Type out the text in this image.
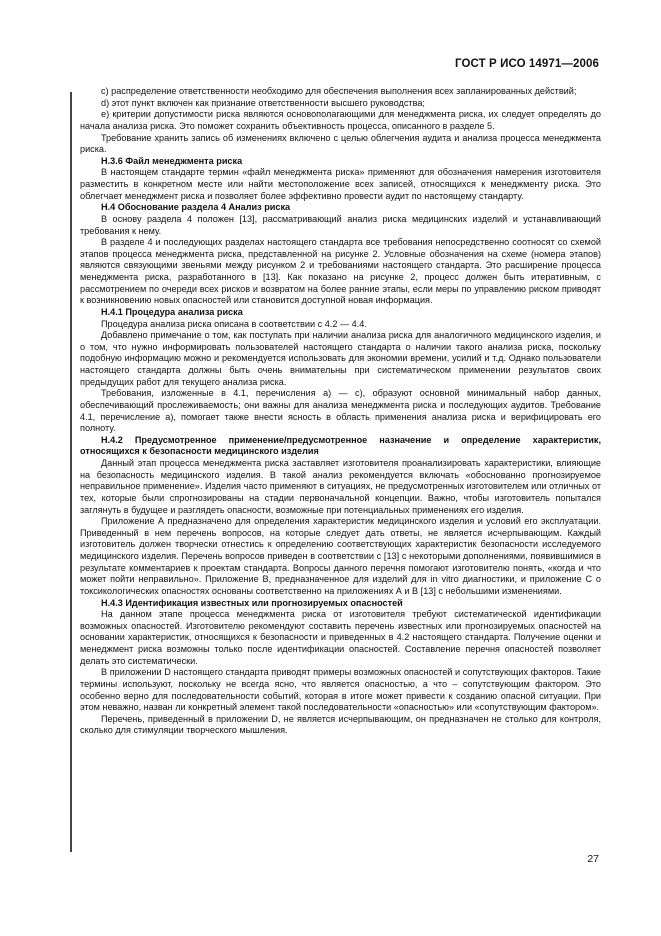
ГОСТ Р ИСО 14971—2006

c) распределение ответственности необходимо для обеспечения выполнения всех запланированных действий;

d) этот пункт включен как признание ответственности высшего руководства;

e) критерии допустимости риска являются основополагающими для менеджмента риска, их следует определять до начала анализа риска. Это поможет сохранить объективность процесса, описанного в разделе 5.

Требование хранить запись об изменениях включено с целью облегчения аудита и анализа процесса менеджмента риска.

Н.3.6 Файл менеджмента риска

В настоящем стандарте термин «файл менеджмента риска» применяют для обозначения намерения изготовителя разместить в конкретном месте или найти местоположение всех записей, относящихся к менеджменту риска. Это облегчает менеджмент риска и позволяет более эффективно провести аудит по настоящему стандарту.

Н.4 Обоснование раздела 4 Анализ риска

В основу раздела 4 положен [13], рассматривающий анализ риска медицинских изделий и устанавливающий требования к нему.

В разделе 4 и последующих разделах настоящего стандарта все требования непосредственно соотносят со схемой этапов процесса менеджмента риска, представленной на рисунке 2. Условные обозначения на схеме (номера этапов) являются связующими звеньями между рисунком 2 и требованиями настоящего стандарта. Это расширение процесса менеджмента риска, разработанного в [13]. Как показано на рисунке 2, процесс должен быть итеративным, с рассмотрением по очереди всех рисков и возвратом на более ранние этапы, если меры по управлению риском приводят к возникновению новых опасностей или становится доступной новая информация.

Н.4.1 Процедура анализа риска

Процедура анализа риска описана в соответствии с 4.2 — 4.4.

Добавлено примечание о том, как поступать при наличии анализа риска для аналогичного медицинского изделия, и о том, что нужно информировать пользователей настоящего стандарта о наличии такого анализа риска, поскольку подобную информацию можно и рекомендуется использовать для экономии времени, усилий и т.д. Однако пользователи настоящего стандарта должны быть очень внимательны при систематическом применении результатов своих предыдущих работ для текущего анализа риска.

Требования, изложенные в 4.1, перечисления а) — с), образуют основной минимальный набор данных, обеспечивающий прослеживаемость; они важны для анализа менеджмента риска и последующих аудитов. Требование 4.1, перечисление а), помогает также внести ясность в область применения анализа риска и верифицировать его полноту.

Н.4.2 Предусмотренное применение/предусмотренное назначение и определение характеристик, относящихся к безопасности медицинского изделия

Данный этап процесса менеджмента риска заставляет изготовителя проанализировать характеристики, влияющие на безопасность медицинского изделия. В такой анализ рекомендуется включать «обоснованно прогнозируемое неправильное применение». Изделия часто применяют в ситуациях, не предусмотренных изготовителем или отличных от тех, которые были спрогнозированы на стадии первоначальной концепции. Важно, чтобы изготовитель попытался заглянуть в будущее и разглядеть опасности, возможные при потенциальных применениях его изделия.

Приложение А предназначено для определения характеристик медицинского изделия и условий его эксплуатации. Приведенный в нем перечень вопросов, на которые следует дать ответы, не является исчерпывающим. Каждый изготовитель должен творчески отнестись к определению соответствующих характеристик безопасности исследуемого медицинского изделия. Перечень вопросов приведен в соответствии с [13] с некоторыми дополнениями, появившимися в результате комментариев к проектам стандарта. Вопросы данного перечня помогают изготовителю понять, «когда и что может пойти неправильно». Приложение В, предназначенное для изделий для in vitro диагностики, и приложение С о токсикологических опасностях основаны соответственно на приложениях А и В [13] с небольшими изменениями.

Н.4.3 Идентификация известных или прогнозируемых опасностей

На данном этапе процесса менеджмента риска от изготовителя требуют систематической идентификации возможных опасностей. Изготовителю рекомендуют составить перечень известных или прогнозируемых опасностей на основании характеристик, относящихся к безопасности и приведенных в 4.2 настоящего стандарта. Получение оценки и менеджмент риска возможны только после идентификации опасностей. Составление перечня опасностей позволяет делать это систематически.

В приложении D настоящего стандарта приводят примеры возможных опасностей и сопутствующих факторов. Такие термины используют, поскольку не всегда ясно, что является опасностью, а что – сопутствующим фактором. Это особенно верно для последовательности событий, которая в итоге может привести к созданию опасной ситуации. При этом неважно, назван ли конкретный элемент такой последовательности «опасностью» или «сопутствующим фактором».

Перечень, приведенный в приложении D, не является исчерпывающим, он предназначен не столько для контроля, сколько для стимуляции творческого мышления.

27
